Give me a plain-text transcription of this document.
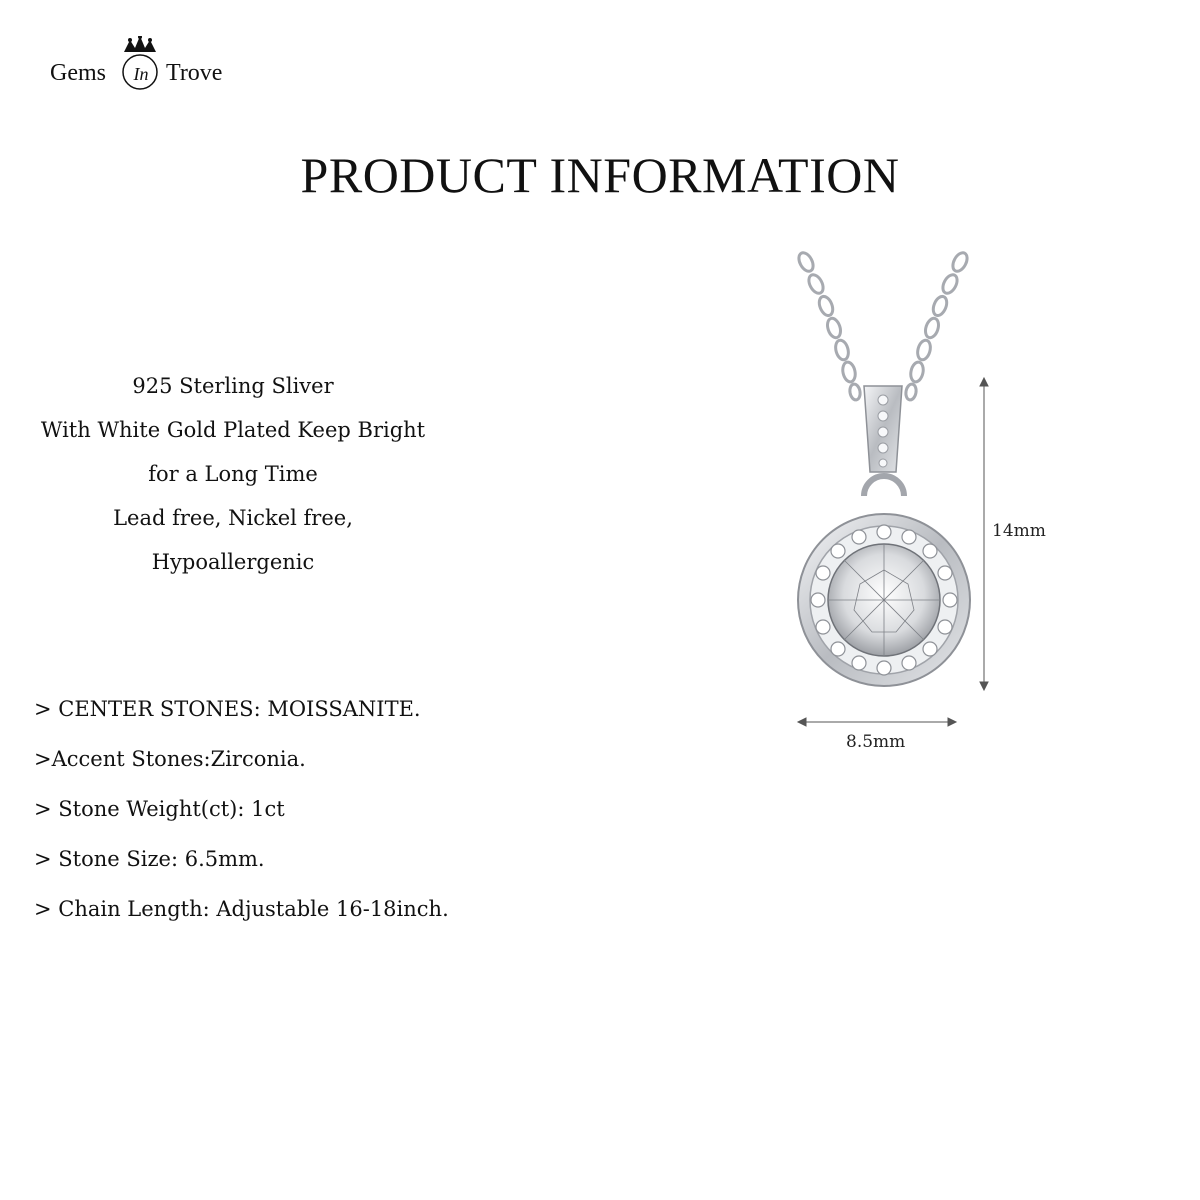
Gems	In Trove
PRODUCT INFORMATION
925 Sterling Sliver
With White Gold Plated Keep Bright
for a Long Time
Lead free, Nickel free,
Hypoallergenic
> CENTER STONES: MOISSANITE.
>Accent Stones:Zirconia.
> Stone Weight(ct): 1ct
> Stone Size: 6.5mm.
> Chain Length: Adjustable 16-18inch.
14mm
8.5mm
